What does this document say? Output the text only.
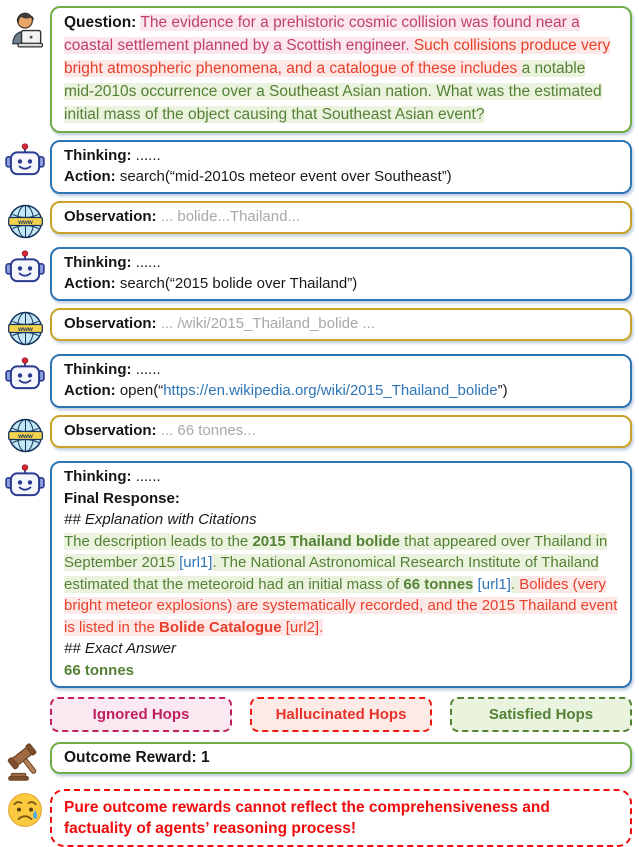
Question: The evidence for a prehistoric cosmic collision was found near a coastal settlement planned by a Scottish engineer. Such collisions produce very bright atmospheric phenomena, and a catalogue of these includes a notable mid-2010s occurrence over a Southeast Asian nation. What was the estimated initial mass of the object causing that Southeast Asian event?
Thinking: ......
Action: search(“mid-2010s meteor event over Southeast”)
www	Observation: ... bolide...Thailand...
Thinking: ......
Action: search(“2015 bolide over Thailand”)
www	Observation: ... /wiki/2015_Thailand_bolide ...
Thinking: ......
Action: open(“https://en.wikipedia.org/wiki/2015_Thailand_bolide”)
www	Observation: ... 66 tonnes...
Thinking: ......
Final Response:
## Explanation with Citations
The description leads to the 2015 Thailand bolide that appeared over Thailand in September 2015 [url1]. The National Astronomical Research Institute of Thailand estimated that the meteoroid had an initial mass of 66 tonnes [url1]. Bolides (very bright meteor explosions) are systematically recorded, and the 2015 Thailand event is listed in the Bolide Catalogue [url2].
## Exact Answer
66 tonnes
Ignored Hops	Hallucinated Hops	Satisfied Hops
Outcome Reward: 1
Pure outcome rewards cannot reflect the comprehensiveness and factuality of agents’ reasoning process!
